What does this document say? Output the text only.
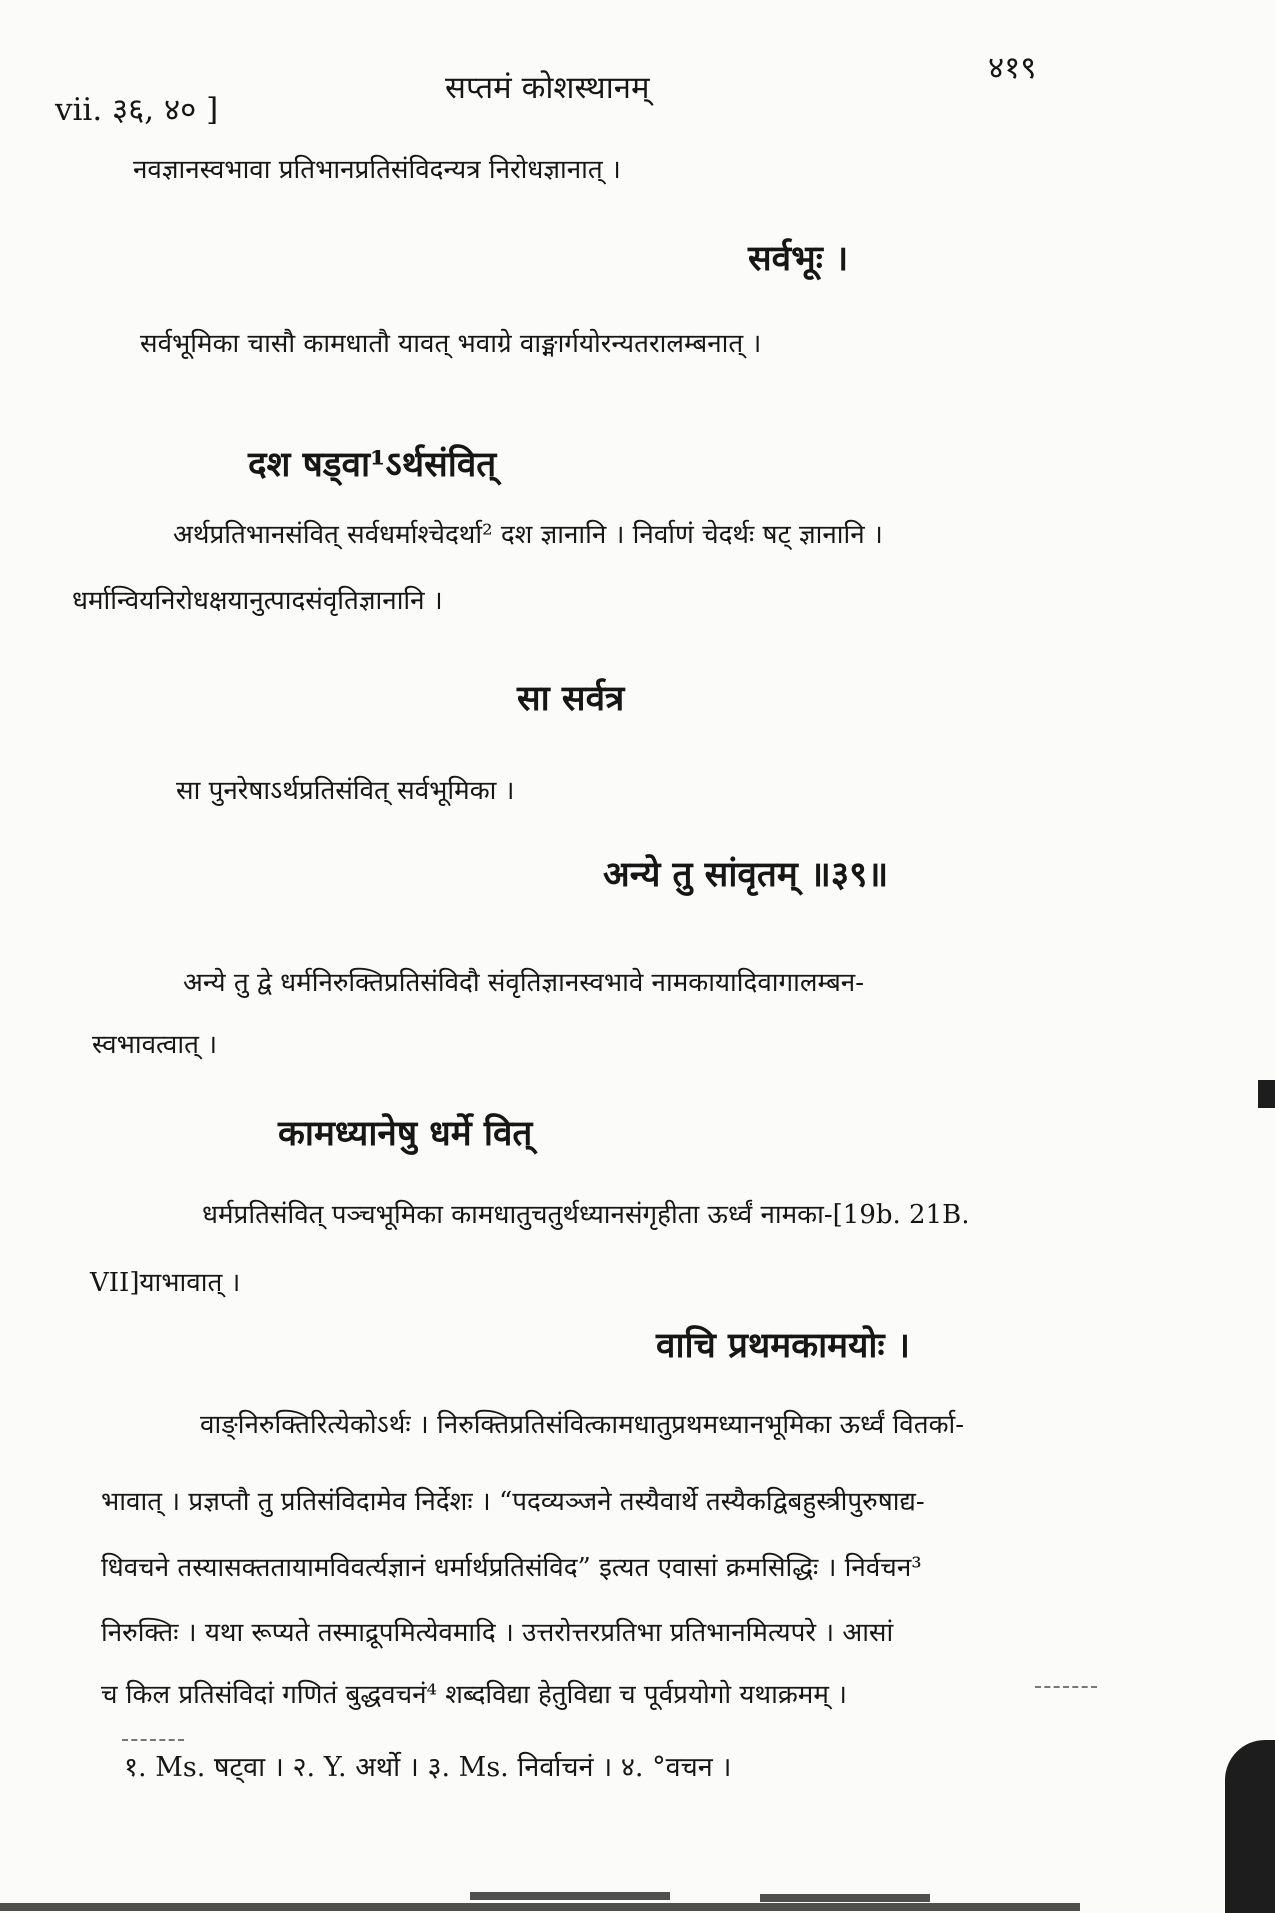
vii. ३६, ४० ]
सप्तमं कोशस्थानम्
४१९
नवज्ञानस्वभावा प्रतिभानप्रतिसंविदन्यत्र निरोधज्ञानात् ।
सर्वभूः ।
सर्वभूमिका चासौ कामधातौ यावत् भवाग्रे वाङ्मार्गयोरन्यतरालम्बनात् ।
दश षड्वा¹ऽर्थसंवित्
अर्थप्रतिभानसंवित् सर्वधर्माश्चेदर्था² दश ज्ञानानि । निर्वाणं चेदर्थः षट् ज्ञानानि ।
धर्मान्वियनिरोधक्षयानुत्पादसंवृतिज्ञानानि ।
सा सर्वत्र
सा पुनरेषाऽर्थप्रतिसंवित् सर्वभूमिका ।
अन्ये तु सांवृतम् ॥३९॥
अन्ये तु द्वे धर्मनिरुक्तिप्रतिसंविदौ संवृतिज्ञानस्वभावे नामकायादिवागालम्बन-
स्वभावत्वात् ।
कामध्यानेषु धर्मे वित्
धर्मप्रतिसंवित् पञ्चभूमिका कामधातुचतुर्थध्यानसंगृहीता ऊर्ध्वं नामका-[19b. 21B.
VII]याभावात् ।
वाचि प्रथमकामयोः ।
वाङ्निरुक्तिरित्येकोऽर्थः । निरुक्तिप्रतिसंवित्कामधातुप्रथमध्यानभूमिका ऊर्ध्वं वितर्का-
भावात् । प्रज्ञप्तौ तु प्रतिसंविदामेव निर्देशः । “पदव्यञ्जने तस्यैवार्थे तस्यैकद्विबहुस्त्रीपुरुषाद्य-
धिवचने तस्यासक्ततायामविवर्त्यज्ञानं धर्मार्थप्रतिसंविद” इत्यत एवासां क्रमसिद्धिः । निर्वचन³
निरुक्तिः । यथा रूप्यते तस्माद्रूपमित्येवमादि । उत्तरोत्तरप्रतिभा प्रतिभानमित्यपरे । आसां
च किल प्रतिसंविदां गणितं बुद्धवचनं⁴ शब्दविद्या हेतुविद्या च पूर्वप्रयोगो यथाक्रमम् ।
१. Ms. षट्वा । २. Y. अर्थो । ३. Ms. निर्वाचनं । ४. °वचन ।
